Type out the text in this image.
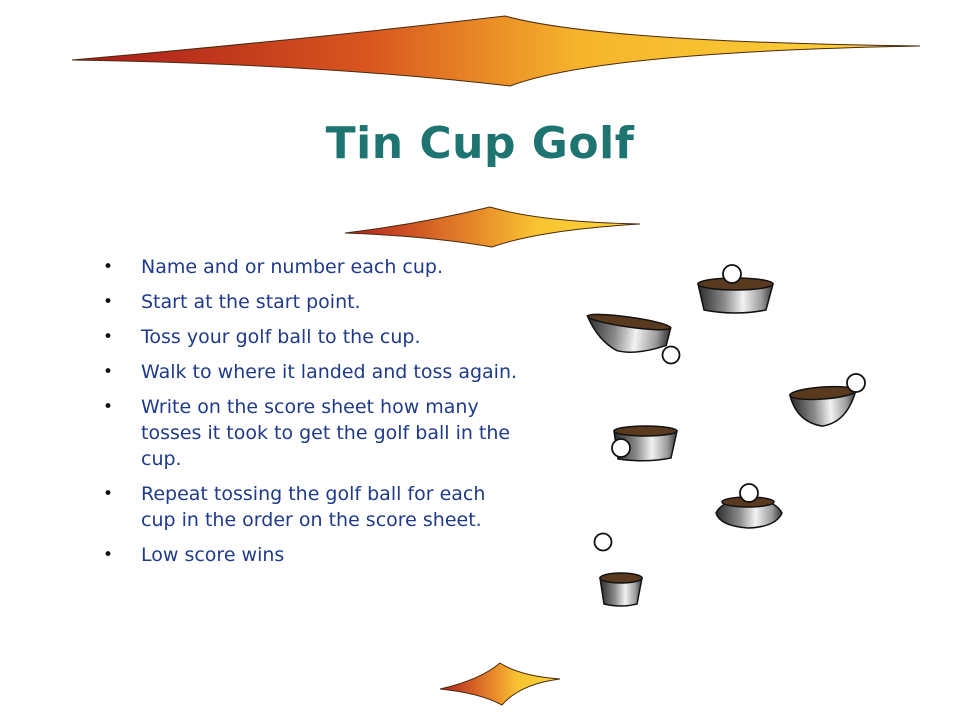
Tin Cup Golf
• Name and or number each cup.
• Start at the start point.
• Toss your golf ball to the cup.
• Walk to where it landed and toss again.
• Write on the score sheet how many tosses it took to get the golf ball in the cup.
• Repeat tossing the golf ball for each cup in the order on the score sheet.
• Low score wins
